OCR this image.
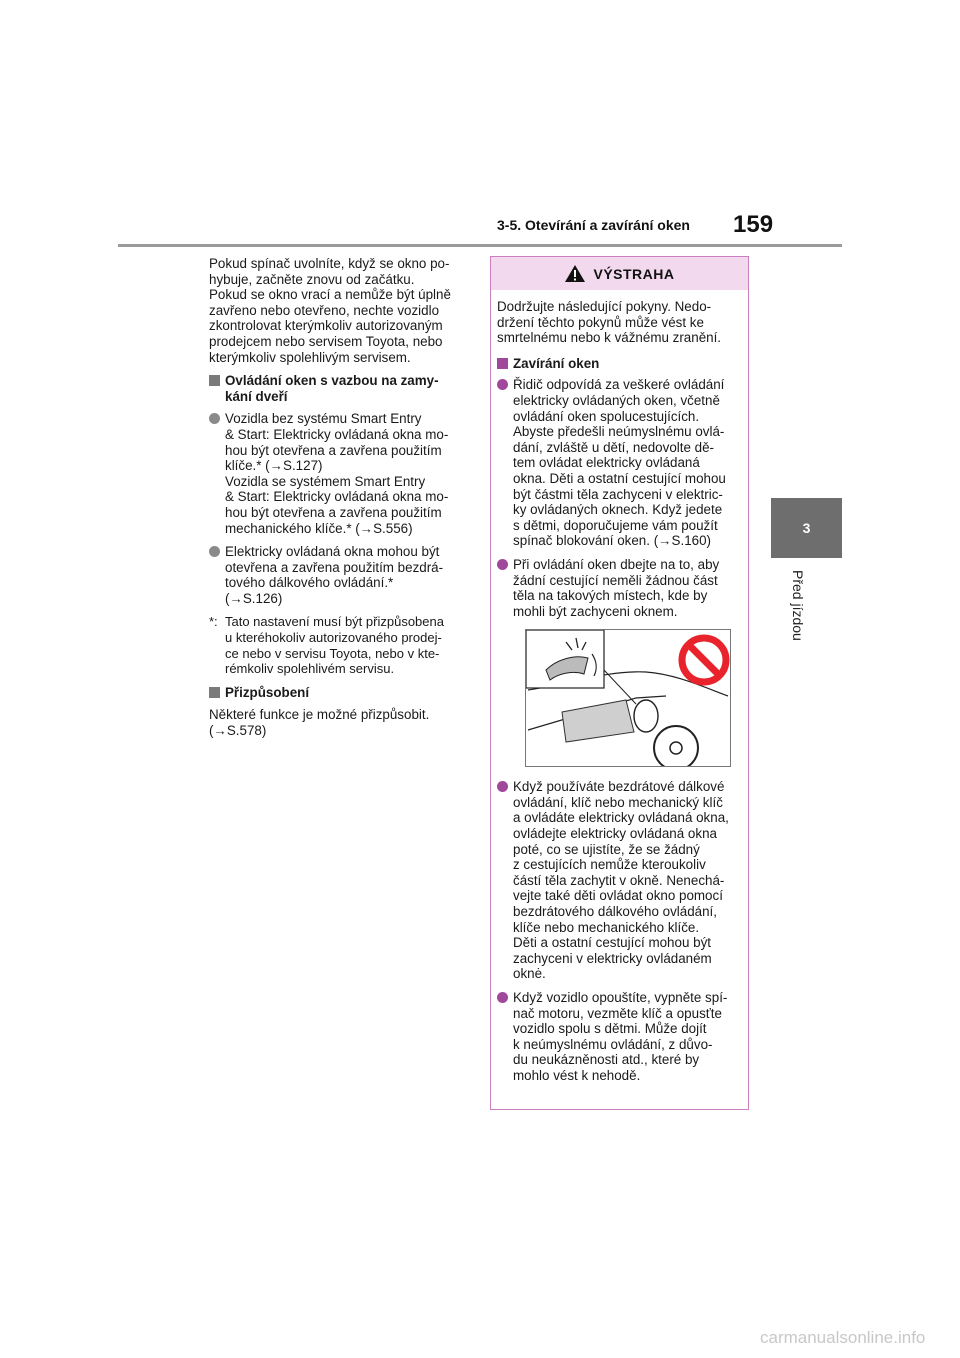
3-5. Otevírání a zavírání oken 159
3
Před jízdou

Pokud spínač uvolníte, když se okno po-
hybuje, začněte znovu od začátku.
Pokud se okno vrací a nemůže být úplně
zavřeno nebo otevřeno, nechte vozidlo
zkontrolovat kterýmkoliv autorizovaným
prodejcem nebo servisem Toyota, nebo
kterýmkoliv spolehlivým servisem.

Ovládání oken s vazbou na zamy-
kání dveří
Vozidla bez systému Smart Entry
& Start: Elektricky ovládaná okna mo-
hou být otevřena a zavřena použitím
klíče.* (→S.127)
Vozidla se systémem Smart Entry
& Start: Elektricky ovládaná okna mo-
hou být otevřena a zavřena použitím
mechanického klíče.* (→S.556)
Elektricky ovládaná okna mohou být
otevřena a zavřena použitím bezdrá-
tového dálkového ovládání.*
(→S.126)
*: Tato nastavení musí být přizpůsobena
u kteréhokoliv autorizovaného prodej-
ce nebo v servisu Toyota, nebo v kte-
rémkoliv spolehlivém servisu.
Přizpůsobení

Některé funkce je možné přizpůsobit.
(→S.578)

VÝSTRAHA

Dodržujte následující pokyny. Nedo-
držení těchto pokynů může vést ke
smrtelnému nebo k vážnému zranění.

Zavírání oken
Řidič odpovídá za veškeré ovládání
elektricky ovládaných oken, včetně
ovládání oken spolucestujících.
Abyste předešli neúmyslnému ovlá-
dání, zvláště u dětí, nedovolte dě-
tem ovládat elektricky ovládaná
okna. Děti a ostatní cestující mohou
být částmi těla zachyceni v elektric-
ky ovládaných oknech. Když jedete
s dětmi, doporučujeme vám použít
spínač blokování oken. (→S.160)
Při ovládání oken dbejte na to, aby
žádní cestující neměli žádnou část
těla na takových místech, kde by
mohli být zachyceni oknem.
Když používáte bezdrátové dálkové
ovládání, klíč nebo mechanický klíč
a ovládáte elektricky ovládaná okna,
ovládejte elektricky ovládaná okna
poté, co se ujistíte, že se žádný
z cestujících nemůže kteroukoliv
částí těla zachytit v okně. Nenechá-
vejte také děti ovládat okno pomocí
bezdrátového dálkového ovládání,
klíče nebo mechanického klíče.
Děti a ostatní cestující mohou být
zachyceni v elektricky ovládaném
oknė.
Když vozidlo opouštíte, vypněte spí-
nač motoru, vezměte klíč a opusťte
vozidlo spolu s dětmi. Může dojít
k neúmyslnému ovládání, z důvo-
du neukázněnosti atd., které by
mohlo vést k nehodě.
carmanualsonline.info
